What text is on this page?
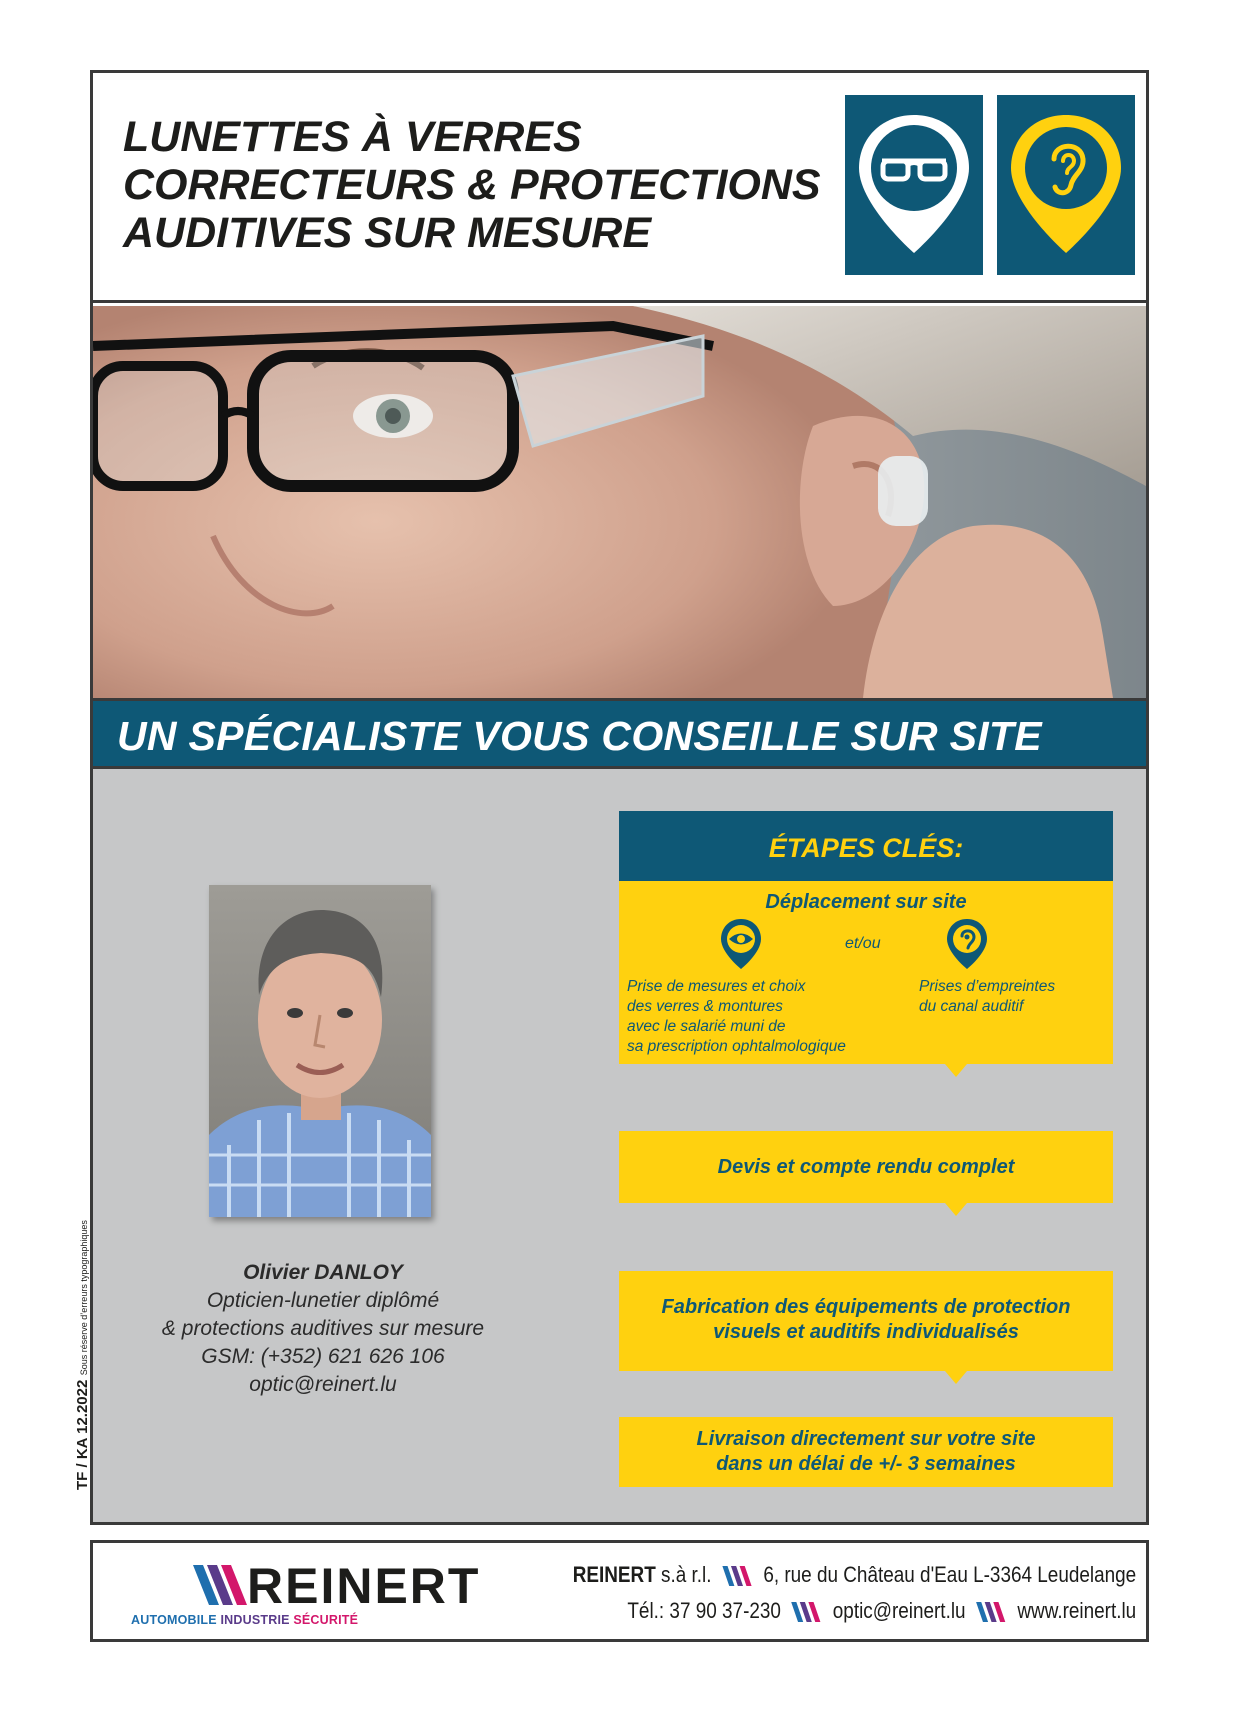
LUNETTES À VERRES
CORRECTEURS & PROTECTIONS
AUDITIVES SUR MESURE
UN SPÉCIALISTE VOUS CONSEILLE SUR SITE
Olivier DANLOY
Opticien-lunetier diplômé
& protections auditives sur mesure
GSM: (+352) 621 626 106
optic@reinert.lu
ÉTAPES CLÉS:
Déplacement sur site
et/ou
Prise de mesures et choix
des verres & montures
avec le salarié muni de
sa prescription ophtalmologique
Prises d’empreintes
du canal auditif
Devis et compte rendu complet
Fabrication des équipements de protection
visuels et auditifs individualisés
Livraison directement sur votre site
dans un délai de +/- 3 semaines
TF / KA 12.2022 Sous réserve d’erreurs typographiques
REINERT
AUTOMOBILE INDUSTRIE SÉCURITÉ
REINERT s.à r.l. 6, rue du Château d'Eau L-3364 Leudelange
Tél.: 37 90 37-230 optic@reinert.lu www.reinert.lu
